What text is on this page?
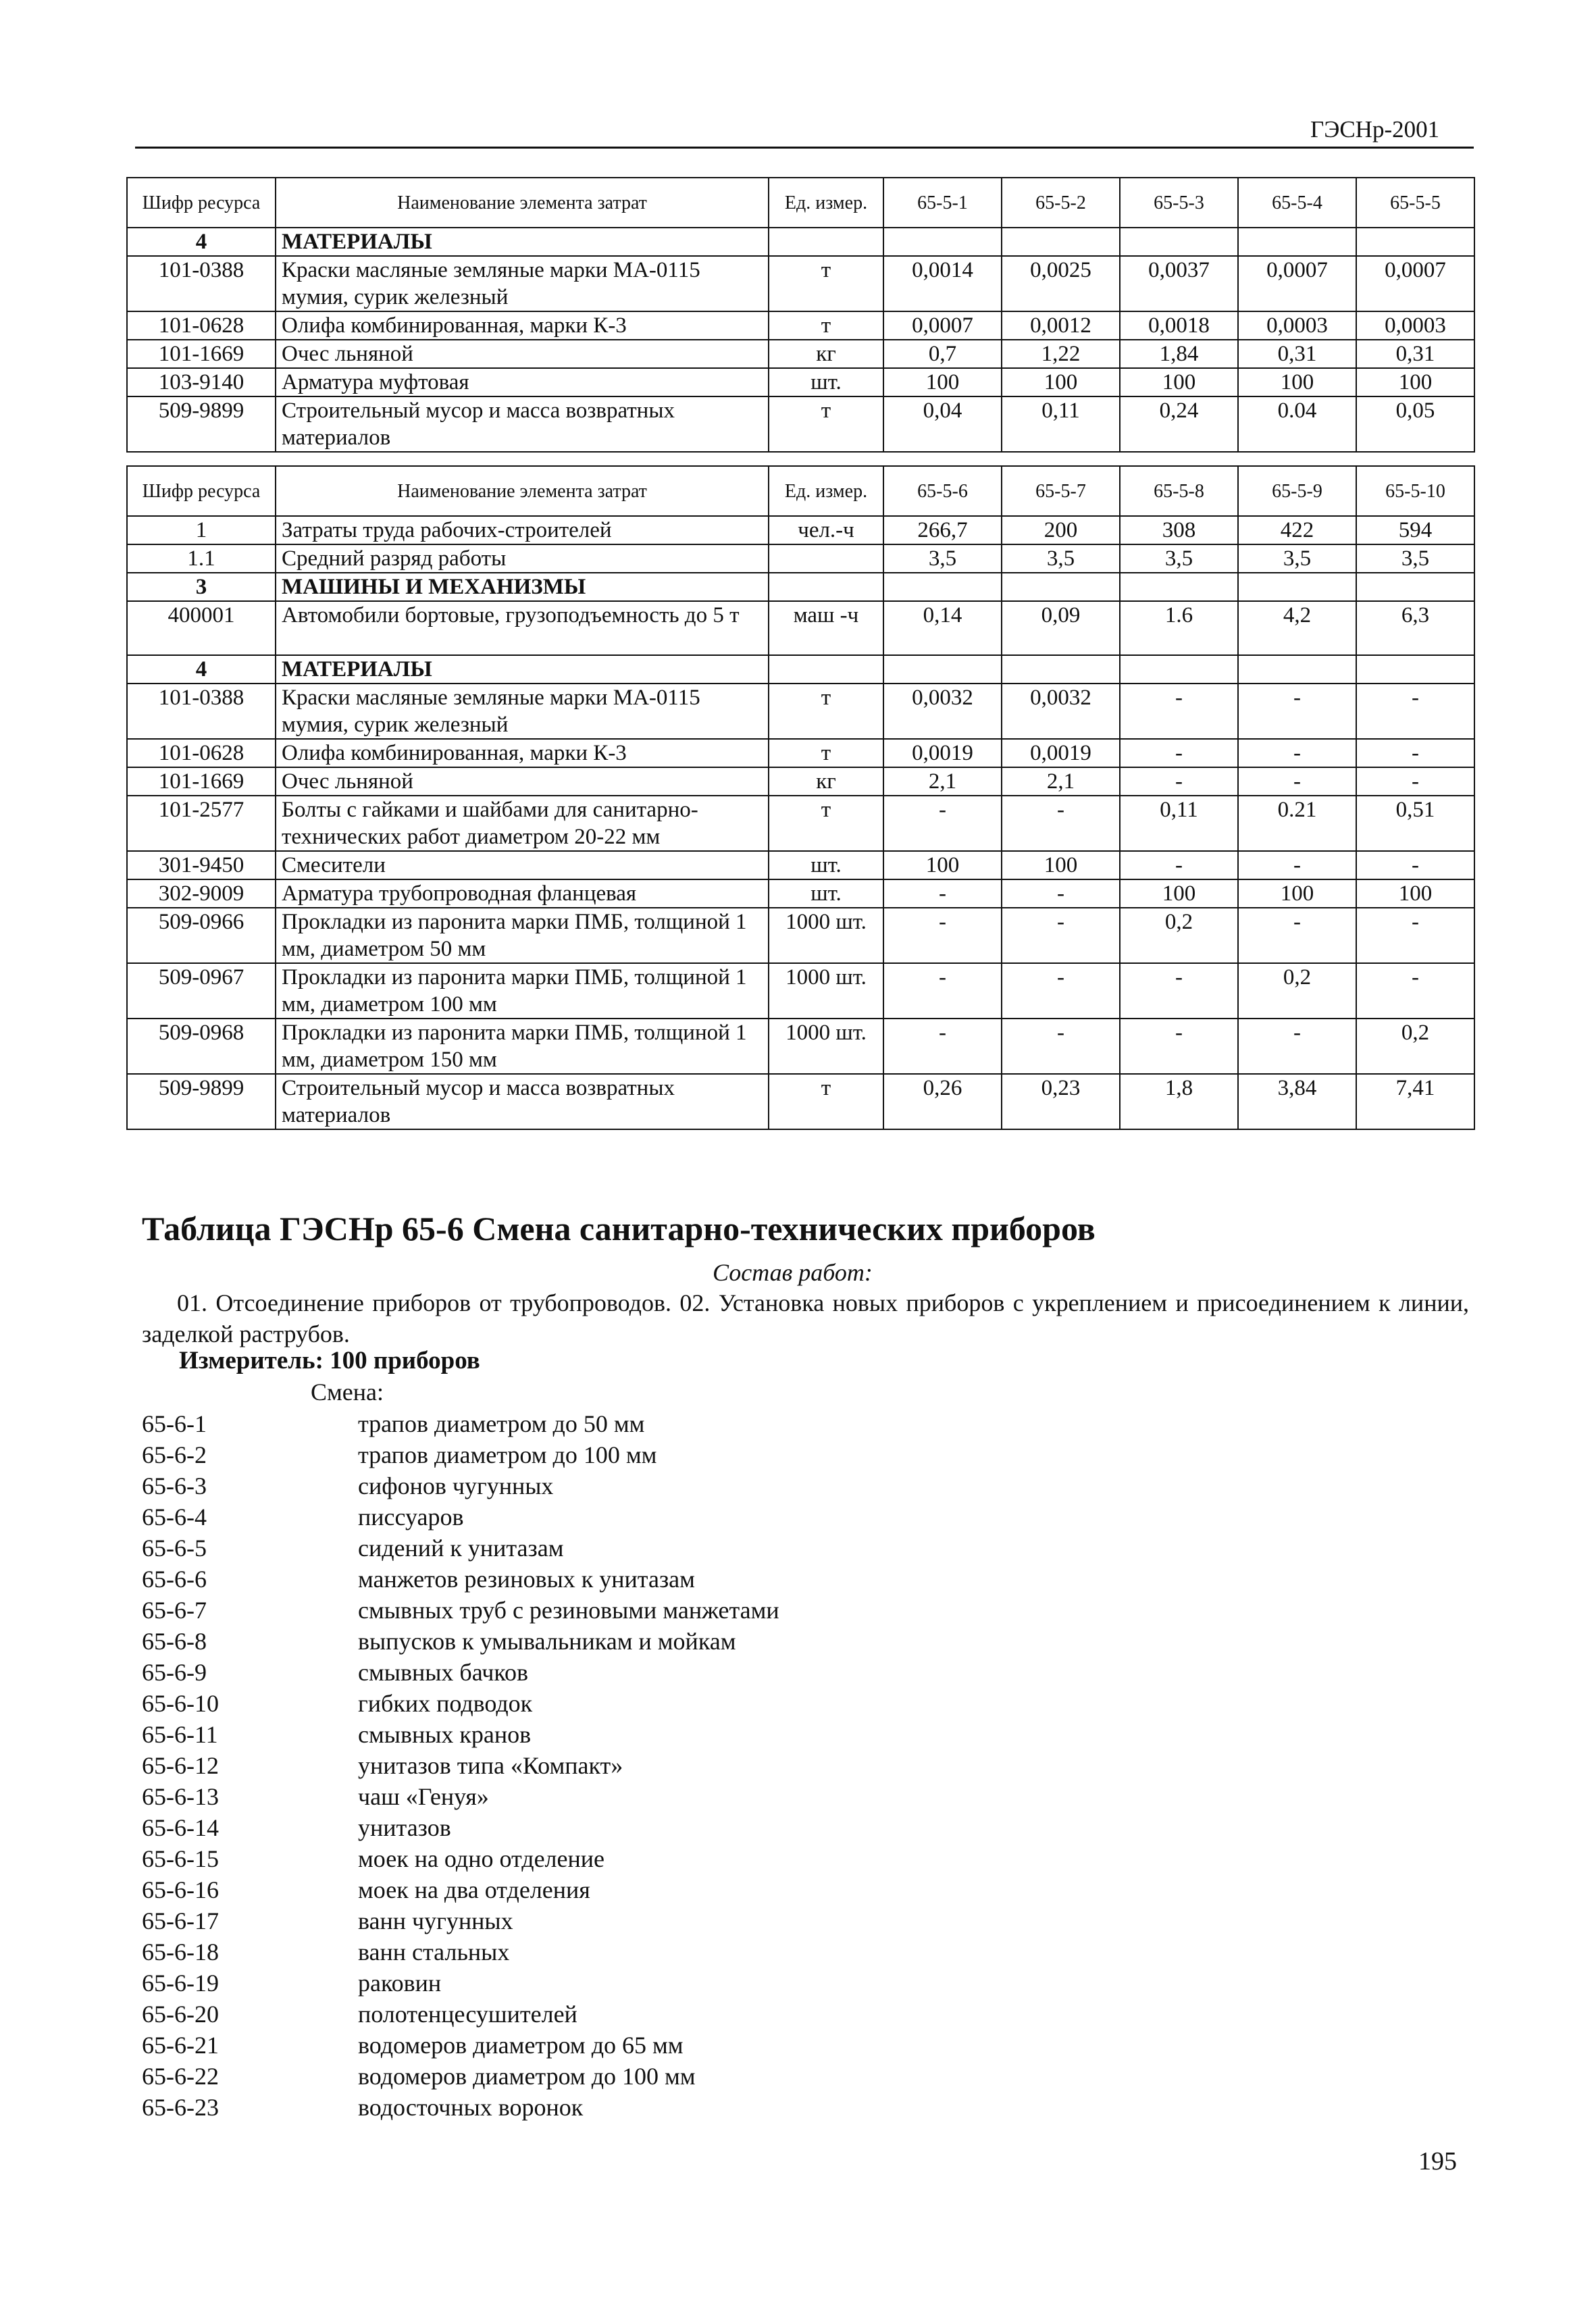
ГЭСНр-2001
Шифр ресурса	Наименование элемента затрат	Ед. измер.	65-5-1	65-5-2	65-5-3	65-5-4	65-5-5
4	МАТЕРИАЛЫ						
101-0388	Краски масляные земляные марки МА-0115 мумия, сурик железный	т	0,0014	0,0025	0,0037	0,0007	0,0007
101-0628	Олифа комбинированная, марки К-3	т	0,0007	0,0012	0,0018	0,0003	0,0003
101-1669	Очес льняной	кг	0,7	1,22	1,84	0,31	0,31
103-9140	Арматура муфтовая	шт.	100	100	100	100	100
509-9899	Строительный мусор и масса возвратных материалов	т	0,04	0,11	0,24	0.04	0,05
Шифр ресурса	Наименование элемента затрат	Ед. измер.	65-5-6	65-5-7	65-5-8	65-5-9	65-5-10
1	Затраты труда рабочих-строителей	чел.-ч	266,7	200	308	422	594
1.1	Средний разряд работы		3,5	3,5	3,5	3,5	3,5
3	МАШИНЫ И МЕХАНИЗМЫ						
400001	Автомобили бортовые, грузоподъемность до 5 т	маш -ч	0,14	0,09	1.6	4,2	6,3
4	МАТЕРИАЛЫ						
101-0388	Краски масляные земляные марки МА-0115 мумия, сурик железный	т	0,0032	0,0032	-	-	-
101-0628	Олифа комбинированная, марки К-3	т	0,0019	0,0019	-	-	-
101-1669	Очес льняной	кг	2,1	2,1	-	-	-
101-2577	Болты с гайками и шайбами для санитарно-технических работ диаметром 20-22 мм	т	-	-	0,11	0.21	0,51
301-9450	Смесители	шт.	100	100	-	-	-
302-9009	Арматура трубопроводная фланцевая	шт.	-	-	100	100	100
509-0966	Прокладки из паронита марки ПМБ, толщиной 1 мм, диаметром 50 мм	1000 шт.	-	-	0,2	-	-
509-0967	Прокладки из паронита марки ПМБ, толщиной 1 мм, диаметром 100 мм	1000 шт.	-	-	-	0,2	-
509-0968	Прокладки из паронита марки ПМБ, толщиной 1 мм, диаметром 150 мм	1000 шт.	-	-	-	-	0,2
509-9899	Строительный мусор и масса возвратных материалов	т	0,26	0,23	1,8	3,84	7,41
Таблица ГЭСНр 65-6 Смена санитарно-технических приборов
Состав работ:
01. Отсоединение приборов от трубопроводов. 02. Установка новых приборов с укреплением и присоединением к линии, заделкой раструбов.
Измеритель: 100 приборов
Смена:
65-6-1	трапов диаметром до 50 мм
65-6-2	трапов диаметром до 100 мм
65-6-3	сифонов чугунных
65-6-4	писсуаров
65-6-5	сидений к унитазам
65-6-6	манжетов резиновых к унитазам
65-6-7	смывных труб с резиновыми манжетами
65-6-8	выпусков к умывальникам и мойкам
65-6-9	смывных бачков
65-6-10	гибких подводок
65-6-11	смывных кранов
65-6-12	унитазов типа «Компакт»
65-6-13	чаш «Генуя»
65-6-14	унитазов
65-6-15	моек на одно отделение
65-6-16	моек на два отделения
65-6-17	ванн чугунных
65-6-18	ванн стальных
65-6-19	раковин
65-6-20	полотенцесушителей
65-6-21	водомеров диаметром до 65 мм
65-6-22	водомеров диаметром до 100 мм
65-6-23	водосточных воронок
195
